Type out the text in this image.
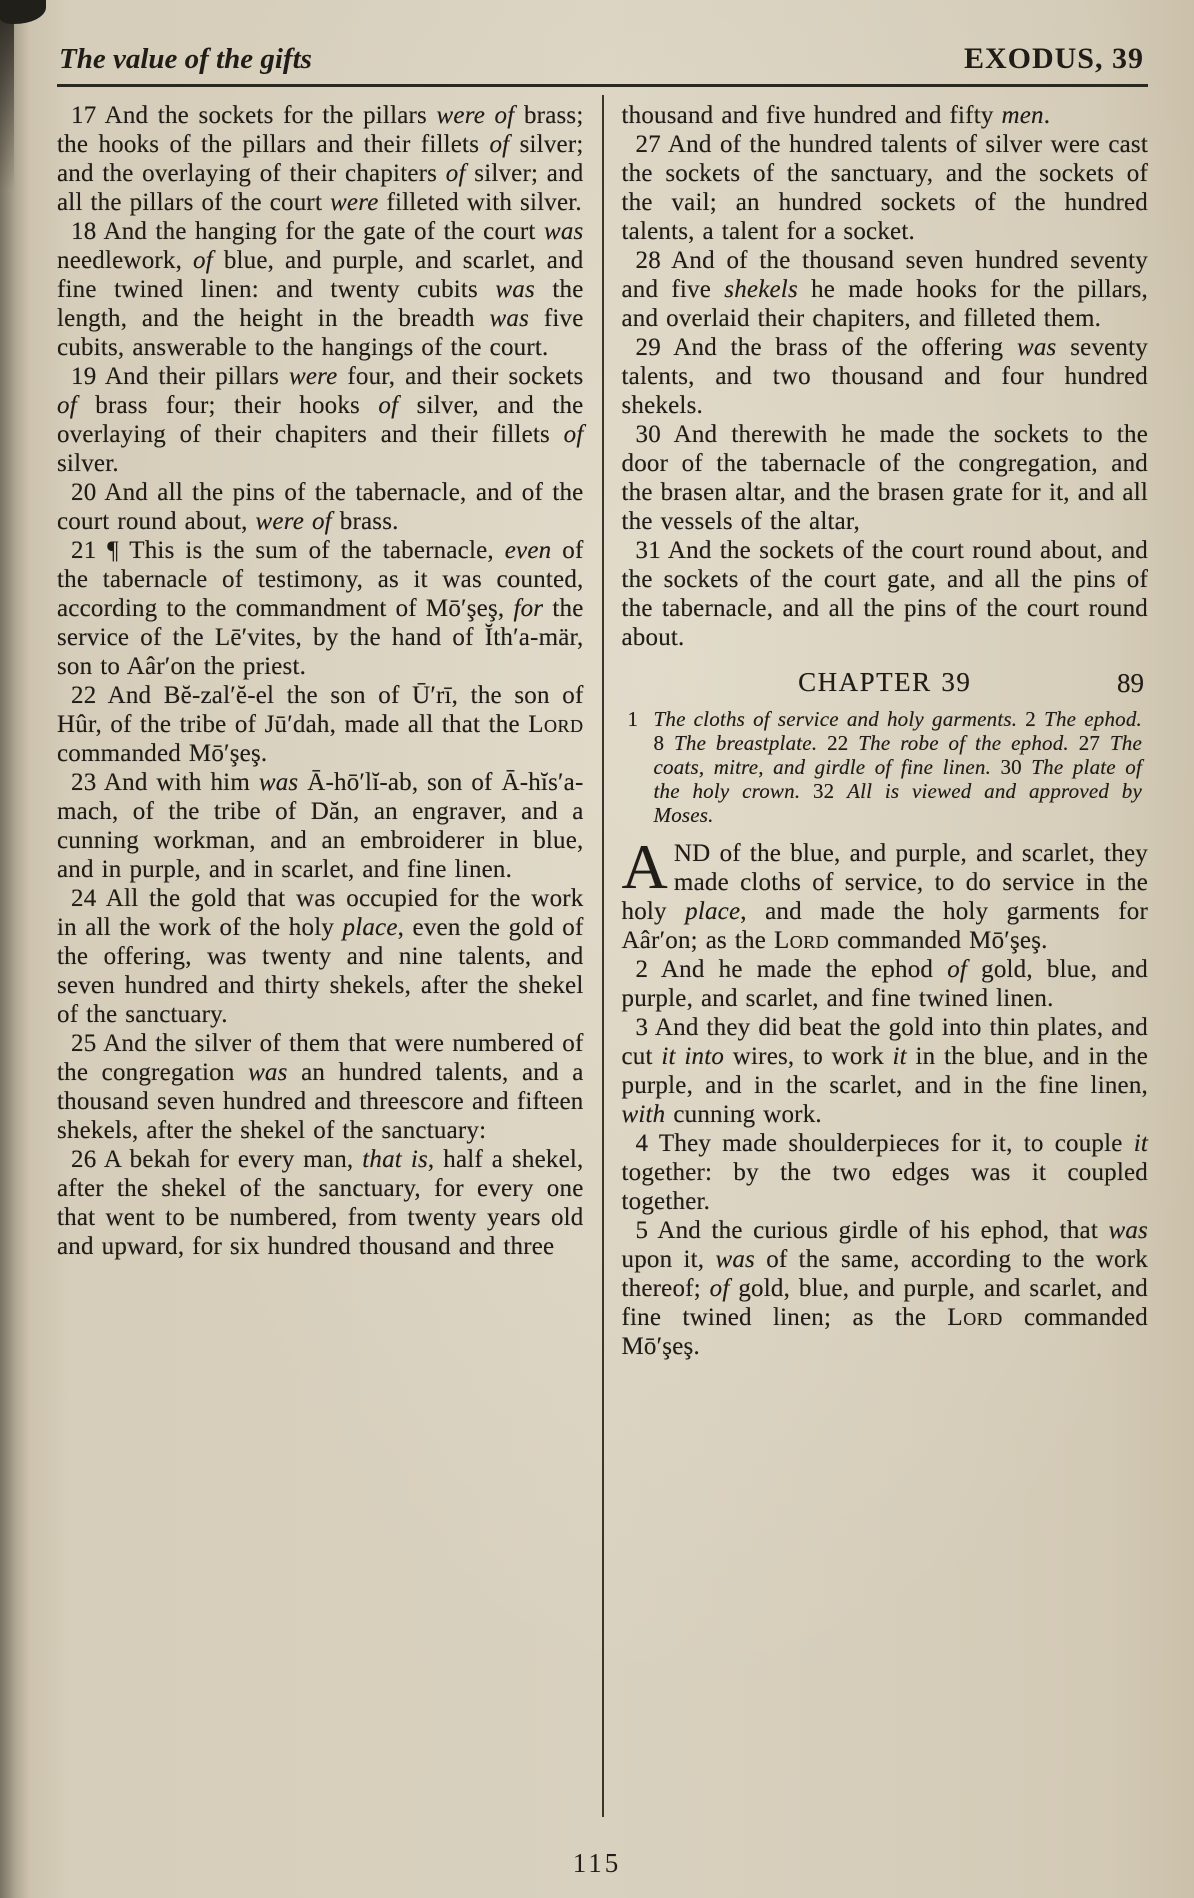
The value of the gifts	EXODUS, 39

17 And the sockets for the pillars were of brass; the hooks of the pillars and their fillets of silver; and the overlaying of their chapiters of silver; and all the pillars of the court were filleted with silver.

18 And the hanging for the gate of the court was needlework, of blue, and purple, and scarlet, and fine twined linen: and twenty cubits was the length, and the height in the breadth was five cubits, answerable to the hangings of the court.

19 And their pillars were four, and their sockets of brass four; their hooks of silver, and the overlaying of their chapiters and their fillets of silver.

20 And all the pins of the tabernacle, and of the court round about, were of brass.

21 ¶ This is the sum of the tabernacle, even of the tabernacle of testimony, as it was counted, according to the commandment of Mō′şeş, for the service of the Lē′vites, by the hand of Ĭth′a-mär, son to Aâr′on the priest.

22 And Bĕ-zal′ĕ-el the son of Ū′rī, the son of Hûr, of the tribe of Jū′dah, made all that the Lord commanded Mō′şeş.

23 And with him was Ā-hō′lĭ-ab, son of Ā-hĭs′a-mach, of the tribe of Dăn, an engraver, and a cunning workman, and an embroiderer in blue, and in purple, and in scarlet, and fine linen.

24 All the gold that was occupied for the work in all the work of the holy place, even the gold of the offering, was twenty and nine talents, and seven hundred and thirty shekels, after the shekel of the sanctuary.

25 And the silver of them that were numbered of the congregation was an hundred talents, and a thousand seven hundred and threescore and fifteen shekels, after the shekel of the sanctuary:

26 A bekah for every man, that is, half a shekel, after the shekel of the sanctuary, for every one that went to be numbered, from twenty years old and upward, for six hundred thousand and three

thousand and five hundred and fifty men.

27 And of the hundred talents of silver were cast the sockets of the sanctuary, and the sockets of the vail; an hundred sockets of the hundred talents, a talent for a socket.

28 And of the thousand seven hundred seventy and five shekels he made hooks for the pillars, and overlaid their chapiters, and filleted them.

29 And the brass of the offering was seventy talents, and two thousand and four hundred shekels.

30 And therewith he made the sockets to the door of the tabernacle of the congregation, and the brasen altar, and the brasen grate for it, and all the vessels of the altar,

31 And the sockets of the court round about, and the sockets of the court gate, and all the pins of the tabernacle, and all the pins of the court round about.

CHAPTER 39	89

1 The cloths of service and holy garments. 2 The ephod. 8 The breastplate. 22 The robe of the ephod. 27 The coats, mitre, and girdle of fine linen. 30 The plate of the holy crown. 32 All is viewed and approved by Moses.

AND of the blue, and purple, and scarlet, they made cloths of service, to do service in the holy place, and made the holy garments for Aâr′on; as the Lord commanded Mō′şeş.

2 And he made the ephod of gold, blue, and purple, and scarlet, and fine twined linen.

3 And they did beat the gold into thin plates, and cut it into wires, to work it in the blue, and in the purple, and in the scarlet, and in the fine linen, with cunning work.

4 They made shoulderpieces for it, to couple it together: by the two edges was it coupled together.

5 And the curious girdle of his ephod, that was upon it, was of the same, according to the work thereof; of gold, blue, and purple, and scarlet, and fine twined linen; as the Lord commanded Mō′şeş.

115
